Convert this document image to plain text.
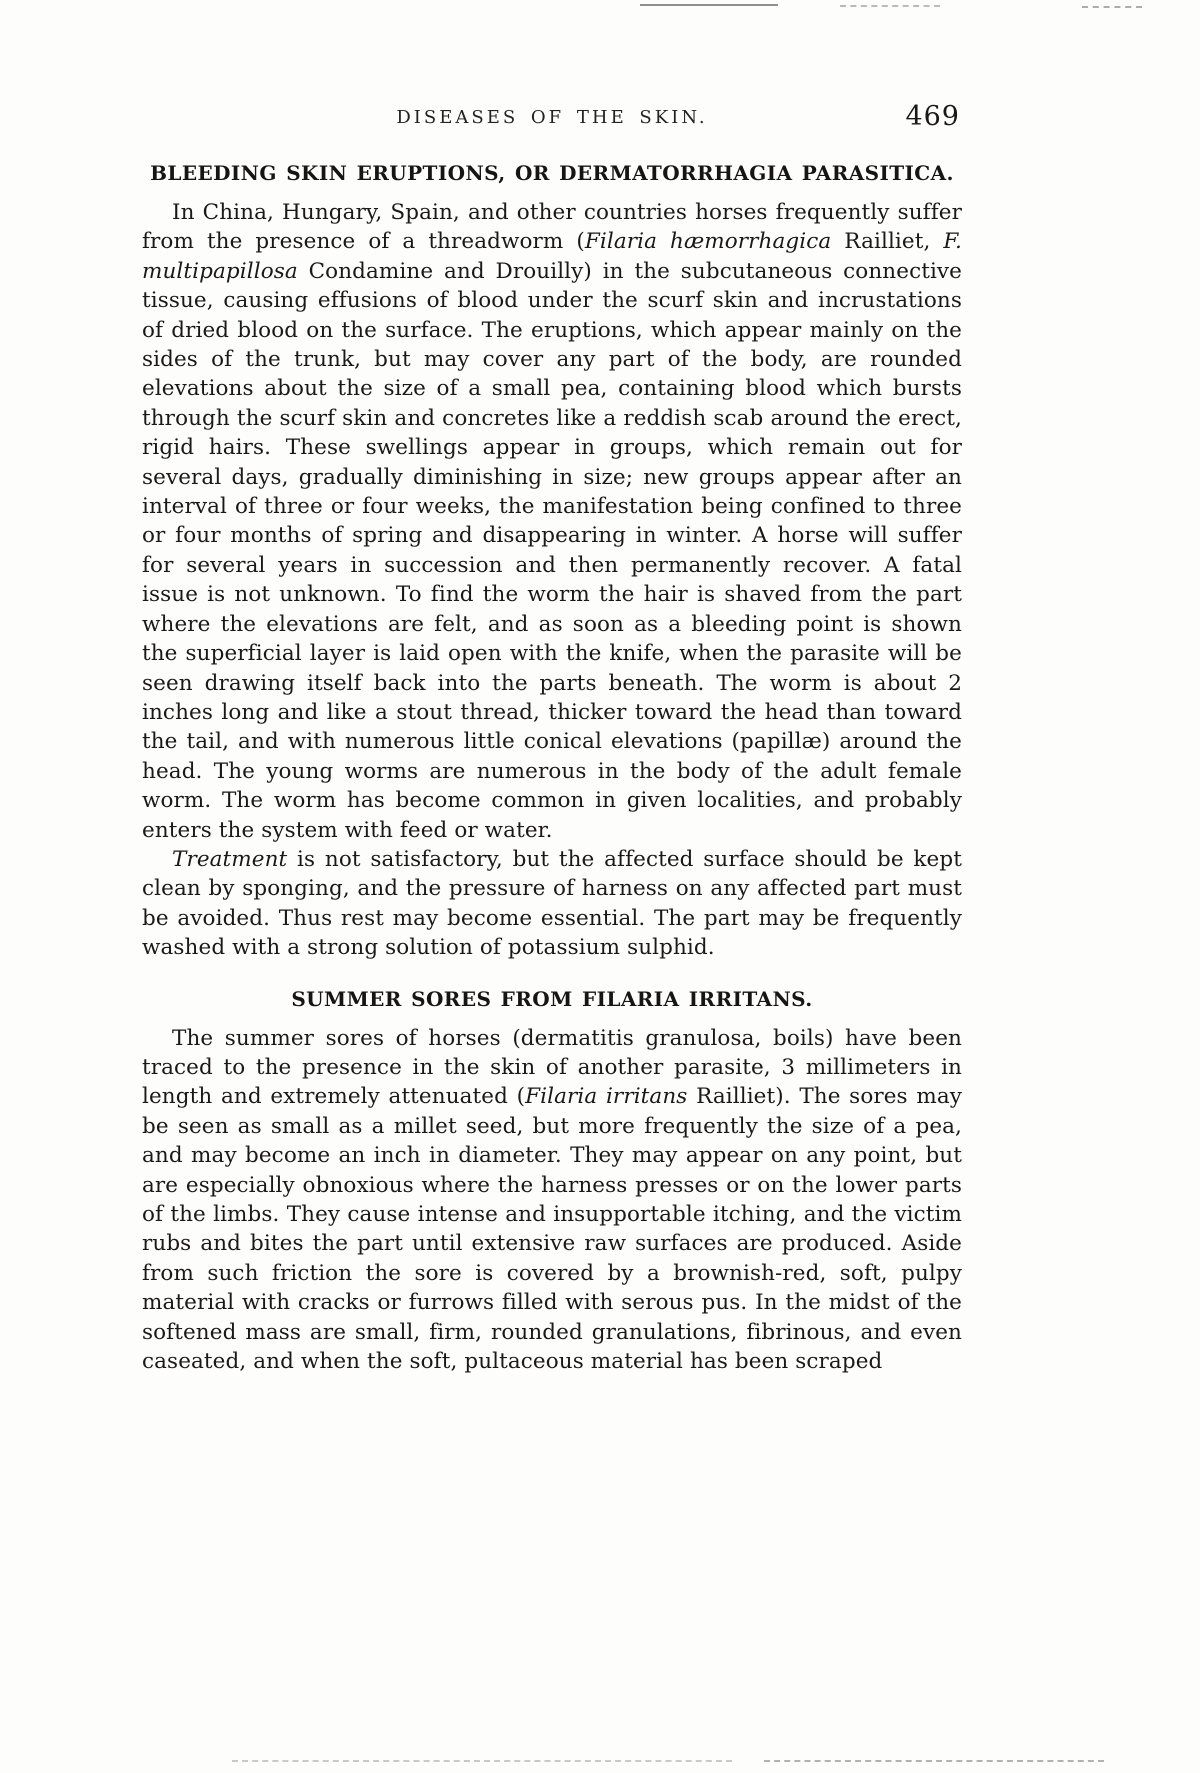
DISEASES OF THE SKIN.	469
BLEEDING SKIN ERUPTIONS, OR DERMATORRHAGIA PARASITICA.

In China, Hungary, Spain, and other countries horses frequently suffer from the presence of a threadworm (Filaria hæmorrhagica Railliet, F. multipapillosa Condamine and Drouilly) in the subcutaneous connective tissue, causing effusions of blood under the scurf skin and incrustations of dried blood on the surface. The eruptions, which appear mainly on the sides of the trunk, but may cover any part of the body, are rounded elevations about the size of a small pea, containing blood which bursts through the scurf skin and concretes like a reddish scab around the erect, rigid hairs. These swellings appear in groups, which remain out for several days, gradually diminishing in size; new groups appear after an interval of three or four weeks, the manifestation being confined to three or four months of spring and disappearing in winter. A horse will suffer for several years in succession and then permanently recover. A fatal issue is not unknown. To find the worm the hair is shaved from the part where the elevations are felt, and as soon as a bleeding point is shown the superficial layer is laid open with the knife, when the parasite will be seen drawing itself back into the parts beneath. The worm is about 2 inches long and like a stout thread, thicker toward the head than toward the tail, and with numerous little conical elevations (papillæ) around the head. The young worms are numerous in the body of the adult female worm. The worm has become common in given localities, and probably enters the system with feed or water.

Treatment is not satisfactory, but the affected surface should be kept clean by sponging, and the pressure of harness on any affected part must be avoided. Thus rest may become essential. The part may be frequently washed with a strong solution of potassium sulphid.

SUMMER SORES FROM FILARIA IRRITANS.

The summer sores of horses (dermatitis granulosa, boils) have been traced to the presence in the skin of another parasite, 3 millimeters in length and extremely attenuated (Filaria irritans Railliet). The sores may be seen as small as a millet seed, but more frequently the size of a pea, and may become an inch in diameter. They may appear on any point, but are especially obnoxious where the harness presses or on the lower parts of the limbs. They cause intense and insupportable itching, and the victim rubs and bites the part until extensive raw surfaces are produced. Aside from such friction the sore is covered by a brownish-red, soft, pulpy material with cracks or furrows filled with serous pus. In the midst of the softened mass are small, firm, rounded granulations, fibrinous, and even caseated, and when the soft, pultaceous material has been scraped
